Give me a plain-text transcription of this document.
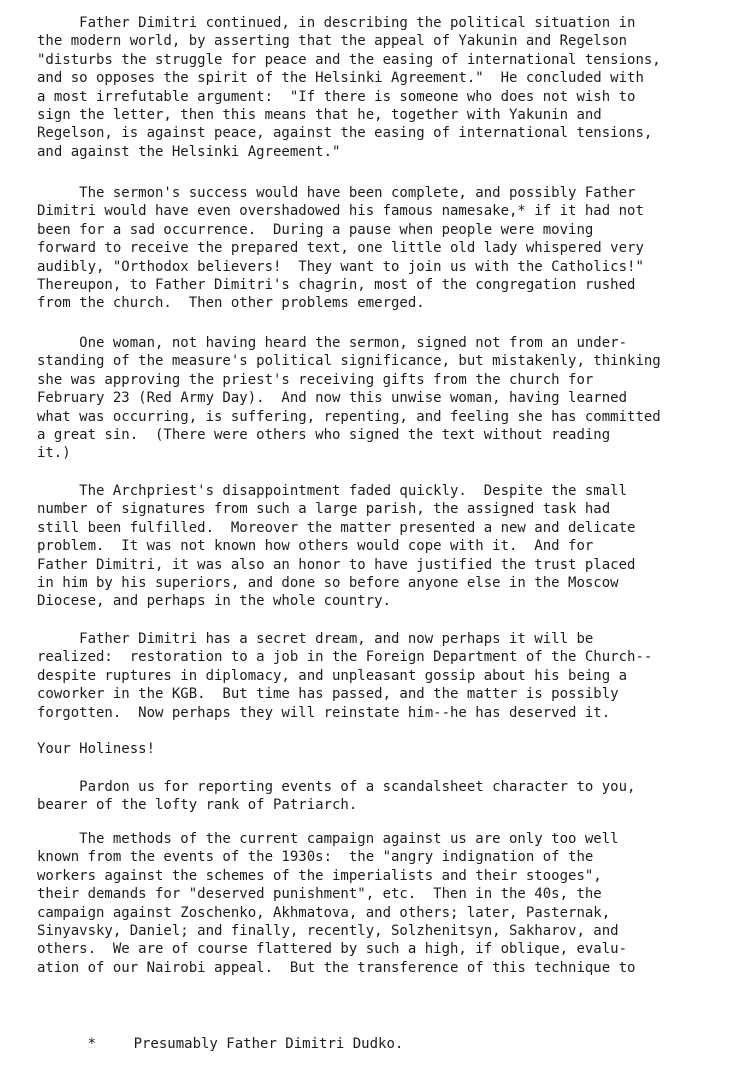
Father Dimitri continued, in describing the political situation in
the modern world, by asserting that the appeal of Yakunin and Regelson
"disturbs the struggle for peace and the easing of international tensions,
and so opposes the spirit of the Helsinki Agreement."  He concluded with
a most irrefutable argument:  "If there is someone who does not wish to
sign the letter, then this means that he, together with Yakunin and
Regelson, is against peace, against the easing of international tensions,
and against the Helsinki Agreement."
The sermon's success would have been complete, and possibly Father
Dimitri would have even overshadowed his famous namesake,* if it had not
been for a sad occurrence.  During a pause when people were moving
forward to receive the prepared text, one little old lady whispered very
audibly, "Orthodox believers!  They want to join us with the Catholics!"
Thereupon, to Father Dimitri's chagrin, most of the congregation rushed
from the church.  Then other problems emerged.
One woman, not having heard the sermon, signed not from an under-
standing of the measure's political significance, but mistakenly, thinking
she was approving the priest's receiving gifts from the church for
February 23 (Red Army Day).  And now this unwise woman, having learned
what was occurring, is suffering, repenting, and feeling she has committed
a great sin.  (There were others who signed the text without reading
it.)
The Archpriest's disappointment faded quickly.  Despite the small
number of signatures from such a large parish, the assigned task had
still been fulfilled.  Moreover the matter presented a new and delicate
problem.  It was not known how others would cope with it.  And for
Father Dimitri, it was also an honor to have justified the trust placed
in him by his superiors, and done so before anyone else in the Moscow
Diocese, and perhaps in the whole country.
Father Dimitri has a secret dream, and now perhaps it will be
realized:  restoration to a job in the Foreign Department of the Church--
despite ruptures in diplomacy, and unpleasant gossip about his being a
coworker in the KGB.  But time has passed, and the matter is possibly
forgotten.  Now perhaps they will reinstate him--he has deserved it.
Your Holiness!
Pardon us for reporting events of a scandalsheet character to you,
bearer of the lofty rank of Patriarch.
The methods of the current campaign against us are only too well
known from the events of the 1930s:  the "angry indignation of the
workers against the schemes of the imperialists and their stooges",
their demands for "deserved punishment", etc.  Then in the 40s, the
campaign against Zoschenko, Akhmatova, and others; later, Pasternak,
Sinyavsky, Daniel; and finally, recently, Solzhenitsyn, Sakharov, and
others.  We are of course flattered by such a high, if oblique, evalu-
ation of our Nairobi appeal.  But the transference of this technique to

*	Presumably Father Dimitri Dudko.
